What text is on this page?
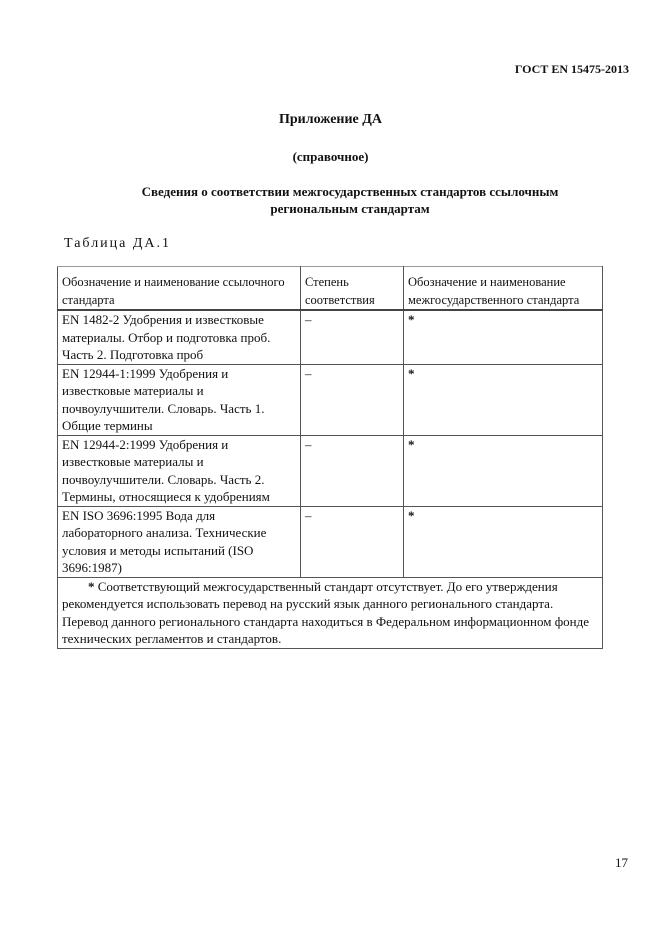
ГОСТ EN 15475-2013
Приложение ДА
(справочное)
Сведения о соответствии межгосударственных стандартов ссылочным
региональным стандартам
Таблица ДА.1
Обозначение и наименование ссылочного стандарта	Степень соответствия	Обозначение и наименование межгосударственного стандарта
EN 1482-2 Удобрения и известковые материалы. Отбор и подготовка проб. Часть 2. Подготовка проб	–	*
EN 12944-1:1999 Удобрения и известковые материалы и почвоулучшители. Словарь. Часть 1. Общие термины	–	*
EN 12944-2:1999 Удобрения и известковые материалы и почвоулучшители. Словарь. Часть 2. Термины, относящиеся к удобрениям	–	*
EN ISO 3696:1995 Вода для лабораторного анализа. Технические условия и методы испытаний (ISO 3696:1987)	–	*
* Соответствующий межгосударственный стандарт отсутствует. До его утверждения рекомендуется использовать перевод на русский язык данного регионального стандарта. Перевод данного регионального стандарта находиться в Федеральном информационном фонде технических регламентов и стандартов.		
17
